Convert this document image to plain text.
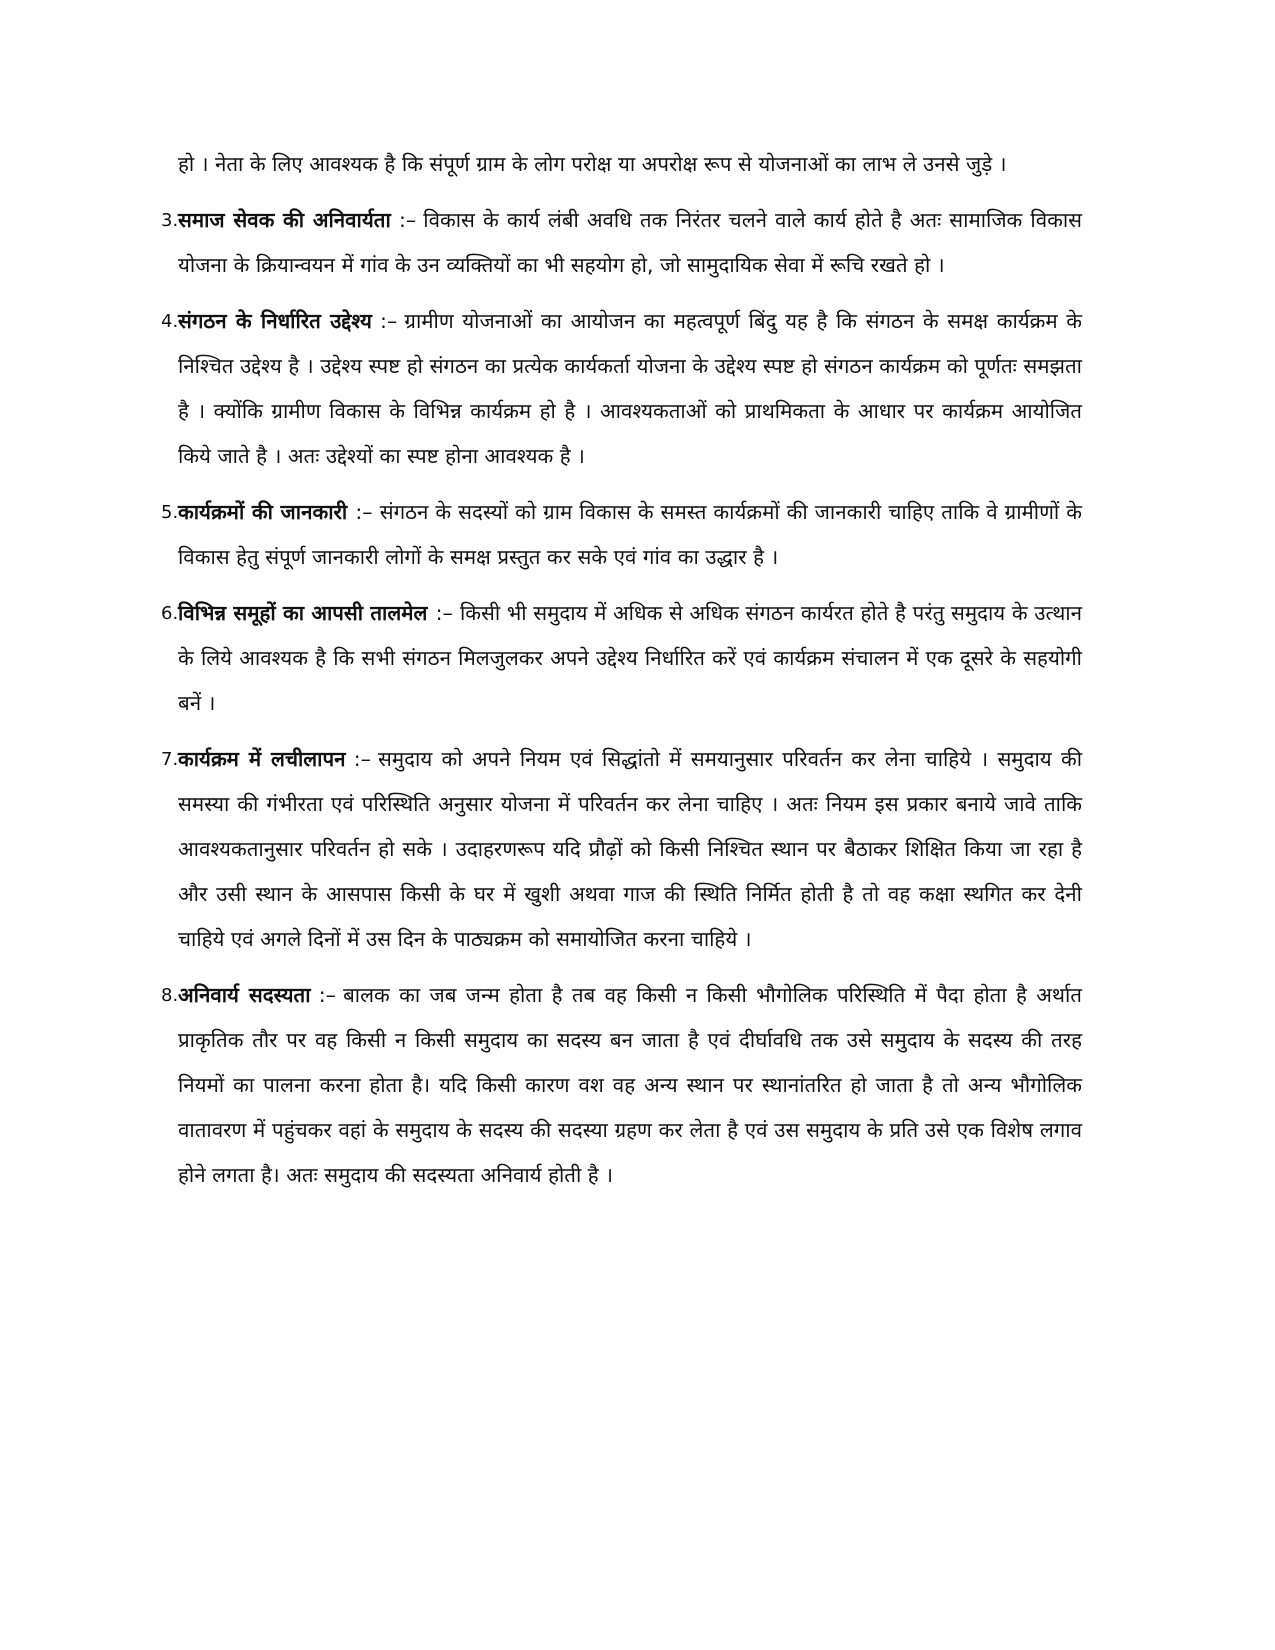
हो । नेता के लिए आवश्यक है कि संपूर्ण ग्राम के लोग परोक्ष या अपरोक्ष रूप से योजनाओं का लाभ ले उनसे जुड़े ।

3. समाज सेवक की अनिवार्यता :– विकास के कार्य लंबी अवधि तक निरंतर चलने वाले कार्य होते है अतः सामाजिक विकास योजना के क्रियान्वयन में गांव के उन व्यक्तियों का भी सहयोग हो, जो सामुदायिक सेवा में रूचि रखते हो ।

4. संगठन के निर्धारित उद्देश्य :– ग्रामीण योजनाओं का आयोजन का महत्वपूर्ण बिंदु यह है कि संगठन के समक्ष कार्यक्रम के निश्चित उद्देश्य है । उद्देश्य स्पष्ट हो संगठन का प्रत्येक कार्यकर्ता योजना के उद्देश्य स्पष्ट हो संगठन कार्यक्रम को पूर्णतः समझता है । क्योंकि ग्रामीण विकास के विभिन्न कार्यक्रम हो है । आवश्यकताओं को प्राथमिकता के आधार पर कार्यक्रम आयोजित किये जाते है । अतः उद्देश्यों का स्पष्ट होना आवश्यक है ।

5. कार्यक्रमों की जानकारी :– संगठन के सदस्यों को ग्राम विकास के समस्त कार्यक्रमों की जानकारी चाहिए ताकि वे ग्रामीणों के विकास हेतु संपूर्ण जानकारी लोगों के समक्ष प्रस्तुत कर सके एवं गांव का उद्धार है ।

6. विभिन्न समूहों का आपसी तालमेल :– किसी भी समुदाय में अधिक से अधिक संगठन कार्यरत होते है परंतु समुदाय के उत्थान के लिये आवश्यक है कि सभी संगठन मिलजुलकर अपने उद्देश्य निर्धारित करें एवं कार्यक्रम संचालन में एक दूसरे के सहयोगी बनें ।

7. कार्यक्रम में लचीलापन :– समुदाय को अपने नियम एवं सिद्धांतो में समयानुसार परिवर्तन कर लेना चाहिये । समुदाय की समस्या की गंभीरता एवं परिस्थिति अनुसार योजना में परिवर्तन कर लेना चाहिए । अतः नियम इस प्रकार बनाये जावे ताकि आवश्यकतानुसार परिवर्तन हो सके । उदाहरणरूप यदि प्रौढ़ों को किसी निश्चित स्थान पर बैठाकर शिक्षित किया जा रहा है और उसी स्थान के आसपास किसी के घर में खुशी अथवा गाज की स्थिति निर्मित होती है तो वह कक्षा स्थगित कर देनी चाहिये एवं अगले दिनों में उस दिन के पाठ्यक्रम को समायोजित करना चाहिये ।

8. अनिवार्य सदस्यता :– बालक का जब जन्म होता है तब वह किसी न किसी भौगोलिक परिस्थिति में पैदा होता है अर्थात प्राकृतिक तौर पर वह किसी न किसी समुदाय का सदस्य बन जाता है एवं दीर्घावधि तक उसे समुदाय के सदस्य की तरह नियमों का पालना करना होता है। यदि किसी कारण वश वह अन्य स्थान पर स्थानांतरित हो जाता है तो अन्य भौगोलिक वातावरण में पहुंचकर वहां के समुदाय के सदस्य की सदस्या ग्रहण कर लेता है एवं उस समुदाय के प्रति उसे एक विशेष लगाव होने लगता है। अतः समुदाय की सदस्यता अनिवार्य होती है ।
